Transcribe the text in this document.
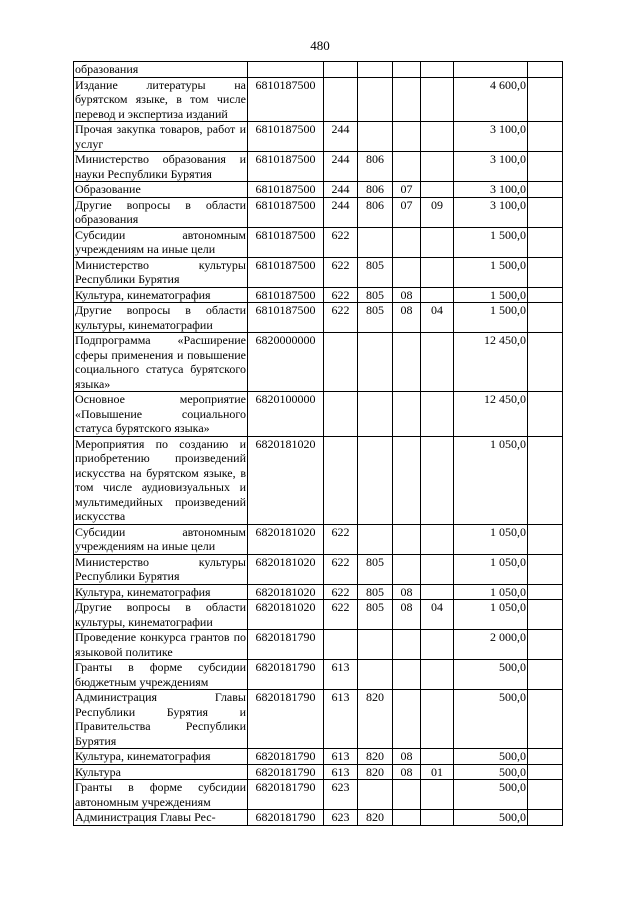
480
образования							
Издание литературы на бурятском языке, в том числе перевод и экспертиза изданий	6810187500					4 600,0	
Прочая закупка товаров, работ и услуг	6810187500	244				3 100,0	
Министерство образования и науки Республики Бурятия	6810187500	244	806			3 100,0	
Образование	6810187500	244	806	07		3 100,0	
Другие вопросы в области образования	6810187500	244	806	07	09	3 100,0	
Субсидии автономным учреждениям на иные цели	6810187500	622				1 500,0	
Министерство культуры Республики Бурятия	6810187500	622	805			1 500,0	
Культура, кинематография	6810187500	622	805	08		1 500,0	
Другие вопросы в области культуры, кинематографии	6810187500	622	805	08	04	1 500,0	
Подпрограмма «Расширение сферы применения и повышение социального статуса бурятского языка»	6820000000					12 450,0	
Основное мероприятие «Повышение социального статуса бурятского языка»	6820100000					12 450,0	
Мероприятия по созданию и приобретению произведений искусства на бурятском языке, в том числе аудиовизуальных и мультимедийных произведений искусства	6820181020					1 050,0	
Субсидии автономным учреждениям на иные цели	6820181020	622				1 050,0	
Министерство культуры Республики Бурятия	6820181020	622	805			1 050,0	
Культура, кинематография	6820181020	622	805	08		1 050,0	
Другие вопросы в области культуры, кинематографии	6820181020	622	805	08	04	1 050,0	
Проведение конкурса грантов по языковой политике	6820181790					2 000,0	
Гранты в форме субсидии бюджетным учреждениям	6820181790	613				500,0	
Администрация Главы Республики Бурятия и Правительства Республики Бурятия	6820181790	613	820			500,0	
Культура, кинематография	6820181790	613	820	08		500,0	
Культура	6820181790	613	820	08	01	500,0	
Гранты в форме субсидии автономным учреждениям	6820181790	623				500,0	
Администрация Главы Рес-	6820181790	623	820			500,0	
